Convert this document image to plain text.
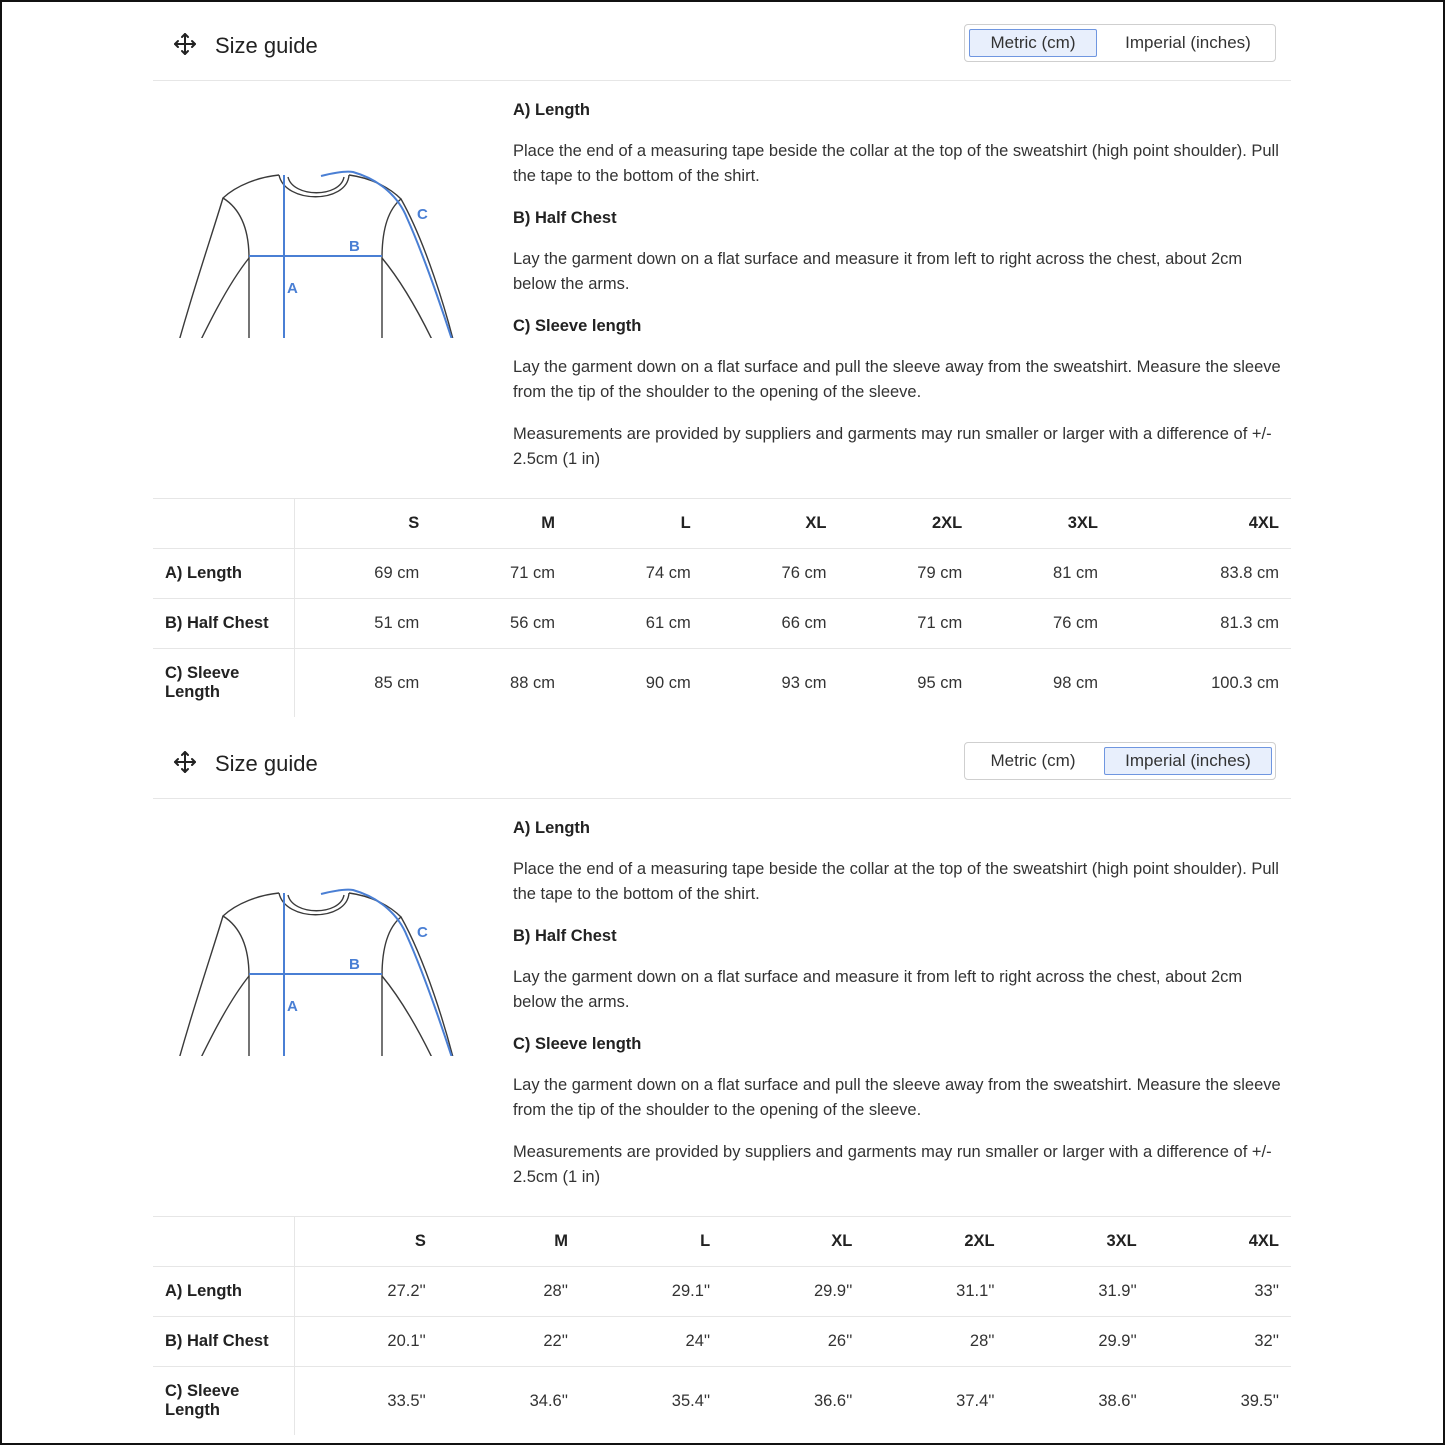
Size guide	Metric (cm)	Imperial (inches)
A
B
C
A) Length

Place the end of a measuring tape beside the collar at the top of the sweatshirt (high point shoulder). Pull the tape to the bottom of the shirt.

B) Half Chest

Lay the garment down on a flat surface and measure it from left to right across the chest, about 2cm below the arms.

C) Sleeve length

Lay the garment down on a flat surface and pull the sleeve away from the sweatshirt. Measure the sleeve from the tip of the shoulder to the opening of the sleeve.

Measurements are provided by suppliers and garments may run smaller or larger with a difference of +/- 2.5cm (1 in)

	S	M	L	XL	2XL	3XL	4XL
A) Length	69 cm	71 cm	74 cm	76 cm	79 cm	81 cm	83.8 cm
B) Half Chest	51 cm	56 cm	61 cm	66 cm	71 cm	76 cm	81.3 cm
C) Sleeve Length	85 cm	88 cm	90 cm	93 cm	95 cm	98 cm	100.3 cm
Size guide	Metric (cm)	Imperial (inches)
A
B
C
A) Length

Place the end of a measuring tape beside the collar at the top of the sweatshirt (high point shoulder). Pull the tape to the bottom of the shirt.

B) Half Chest

Lay the garment down on a flat surface and measure it from left to right across the chest, about 2cm below the arms.

C) Sleeve length

Lay the garment down on a flat surface and pull the sleeve away from the sweatshirt. Measure the sleeve from the tip of the shoulder to the opening of the sleeve.

Measurements are provided by suppliers and garments may run smaller or larger with a difference of +/- 2.5cm (1 in)

	S	M	L	XL	2XL	3XL	4XL
A) Length	27.2''	28''	29.1''	29.9''	31.1''	31.9''	33''
B) Half Chest	20.1''	22''	24''	26''	28''	29.9''	32''
C) Sleeve Length	33.5''	34.6''	35.4''	36.6''	37.4''	38.6''	39.5''
